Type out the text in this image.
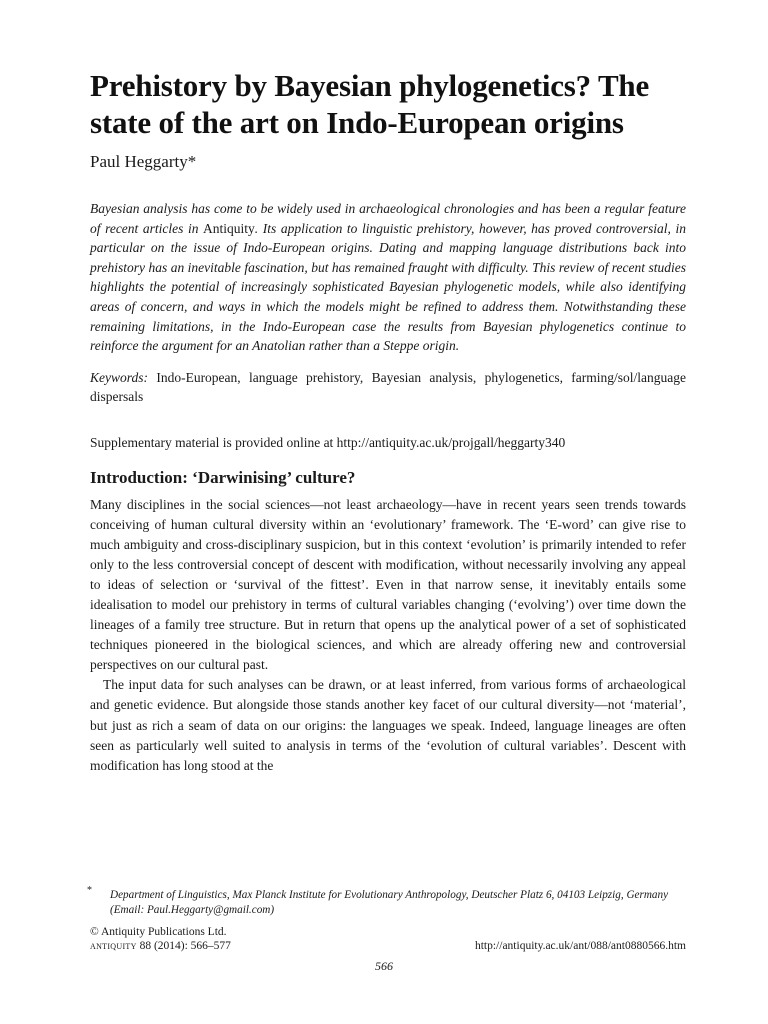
Prehistory by Bayesian phylogenetics? The state of the art on Indo-European origins
Paul Heggarty*
Bayesian analysis has come to be widely used in archaeological chronologies and has been a regular feature of recent articles in Antiquity. Its application to linguistic prehistory, however, has proved controversial, in particular on the issue of Indo-European origins. Dating and mapping language distributions back into prehistory has an inevitable fascination, but has remained fraught with difficulty. This review of recent studies highlights the potential of increasingly sophisticated Bayesian phylogenetic models, while also identifying areas of concern, and ways in which the models might be refined to address them. Notwithstanding these remaining limitations, in the Indo-European case the results from Bayesian phylogenetics continue to reinforce the argument for an Anatolian rather than a Steppe origin.
Keywords: Indo-European, language prehistory, Bayesian analysis, phylogenetics, farming/sol/language dispersals
Supplementary material is provided online at http://antiquity.ac.uk/projgall/heggarty340
Introduction: ‘Darwinising’ culture?

Many disciplines in the social sciences—not least archaeology—have in recent years seen trends towards conceiving of human cultural diversity within an ‘evolutionary’ framework. The ‘E-word’ can give rise to much ambiguity and cross-disciplinary suspicion, but in this context ‘evolution’ is primarily intended to refer only to the less controversial concept of descent with modification, without necessarily involving any appeal to ideas of selection or ‘survival of the fittest’. Even in that narrow sense, it inevitably entails some idealisation to model our prehistory in terms of cultural variables changing (‘evolving’) over time down the lineages of a family tree structure. But in return that opens up the analytical power of a set of sophisticated techniques pioneered in the biological sciences, and which are already offering new and controversial perspectives on our cultural past.

The input data for such analyses can be drawn, or at least inferred, from various forms of archaeological and genetic evidence. But alongside those stands another key facet of our cultural diversity—not ‘material’, but just as rich a seam of data on our origins: the languages we speak. Indeed, language lineages are often seen as particularly well suited to analysis in terms of the ‘evolution of cultural variables’. Descent with modification has long stood at the

*	Department of Linguistics, Max Planck Institute for Evolutionary Anthropology, Deutscher Platz 6, 04103 Leipzig, Germany (Email: Paul.Heggarty@gmail.com)
© Antiquity Publications Ltd.
antiquity 88 (2014): 566–577	http://antiquity.ac.uk/ant/088/ant0880566.htm
566
